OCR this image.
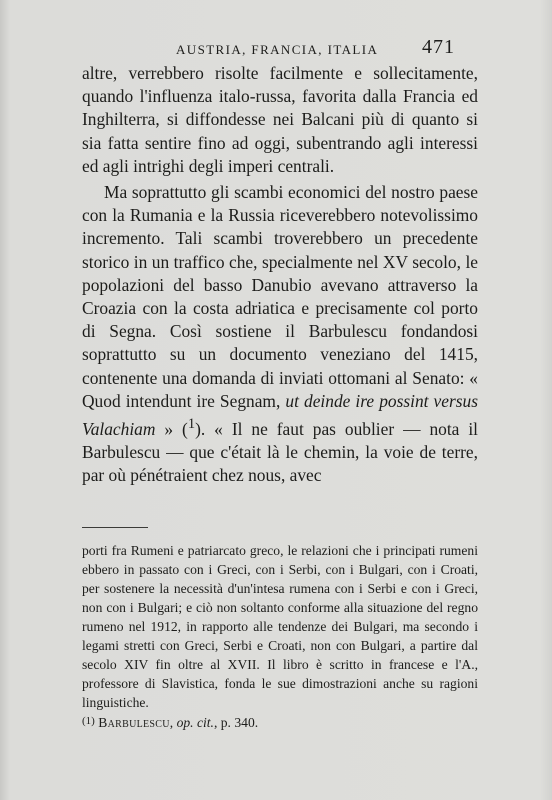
AUSTRIA, FRANCIA, ITALIA 471

altre, verrebbero risolte facilmente e sollecitamente, quando l'influenza italo-russa, favorita dalla Francia ed Inghilterra, si diffondesse nei Balcani più di quanto si sia fatta sentire fino ad oggi, subentrando agli interessi ed agli intrighi degli imperi centrali.

Ma soprattutto gli scambi economici del nostro paese con la Rumania e la Russia riceverebbero notevolissimo incremento. Tali scambi troverebbero un precedente storico in un traffico che, specialmente nel XV secolo, le popolazioni del basso Danubio avevano attraverso la Croazia con la costa adriatica e precisamente col porto di Segna. Così sostiene il Barbulescu fondandosi soprattutto su un documento veneziano del 1415, contenente una domanda di inviati ottomani al Senato: « Quod intendunt ire Segnam, ut deinde ire possint versus Valachiam » ($^1$). « Il ne faut pas oublier — nota il Barbulescu — que c'était là le chemin, la voie de terre, par où pénétraient chez nous, avec

porti fra Rumeni e patriarcato greco, le relazioni che i principati rumeni ebbero in passato con i Greci, con i Serbi, con i Bulgari, con i Croati, per sostenere la necessità d'un'intesa rumena con i Serbi e con i Greci, non con i Bulgari; e ciò non soltanto conforme alla situazione del regno rumeno nel 1912, in rapporto alle tendenze dei Bulgari, ma secondo i legami stretti con Greci, Serbi e Croati, non con Bulgari, a partire dal secolo XIV fin oltre al XVII. Il libro è scritto in francese e l'A., professore di Slavistica, fonda le sue dimostrazioni anche su ragioni linguistiche.

$^{(1)}$ Barbulescu, op. cit., p. 340.
